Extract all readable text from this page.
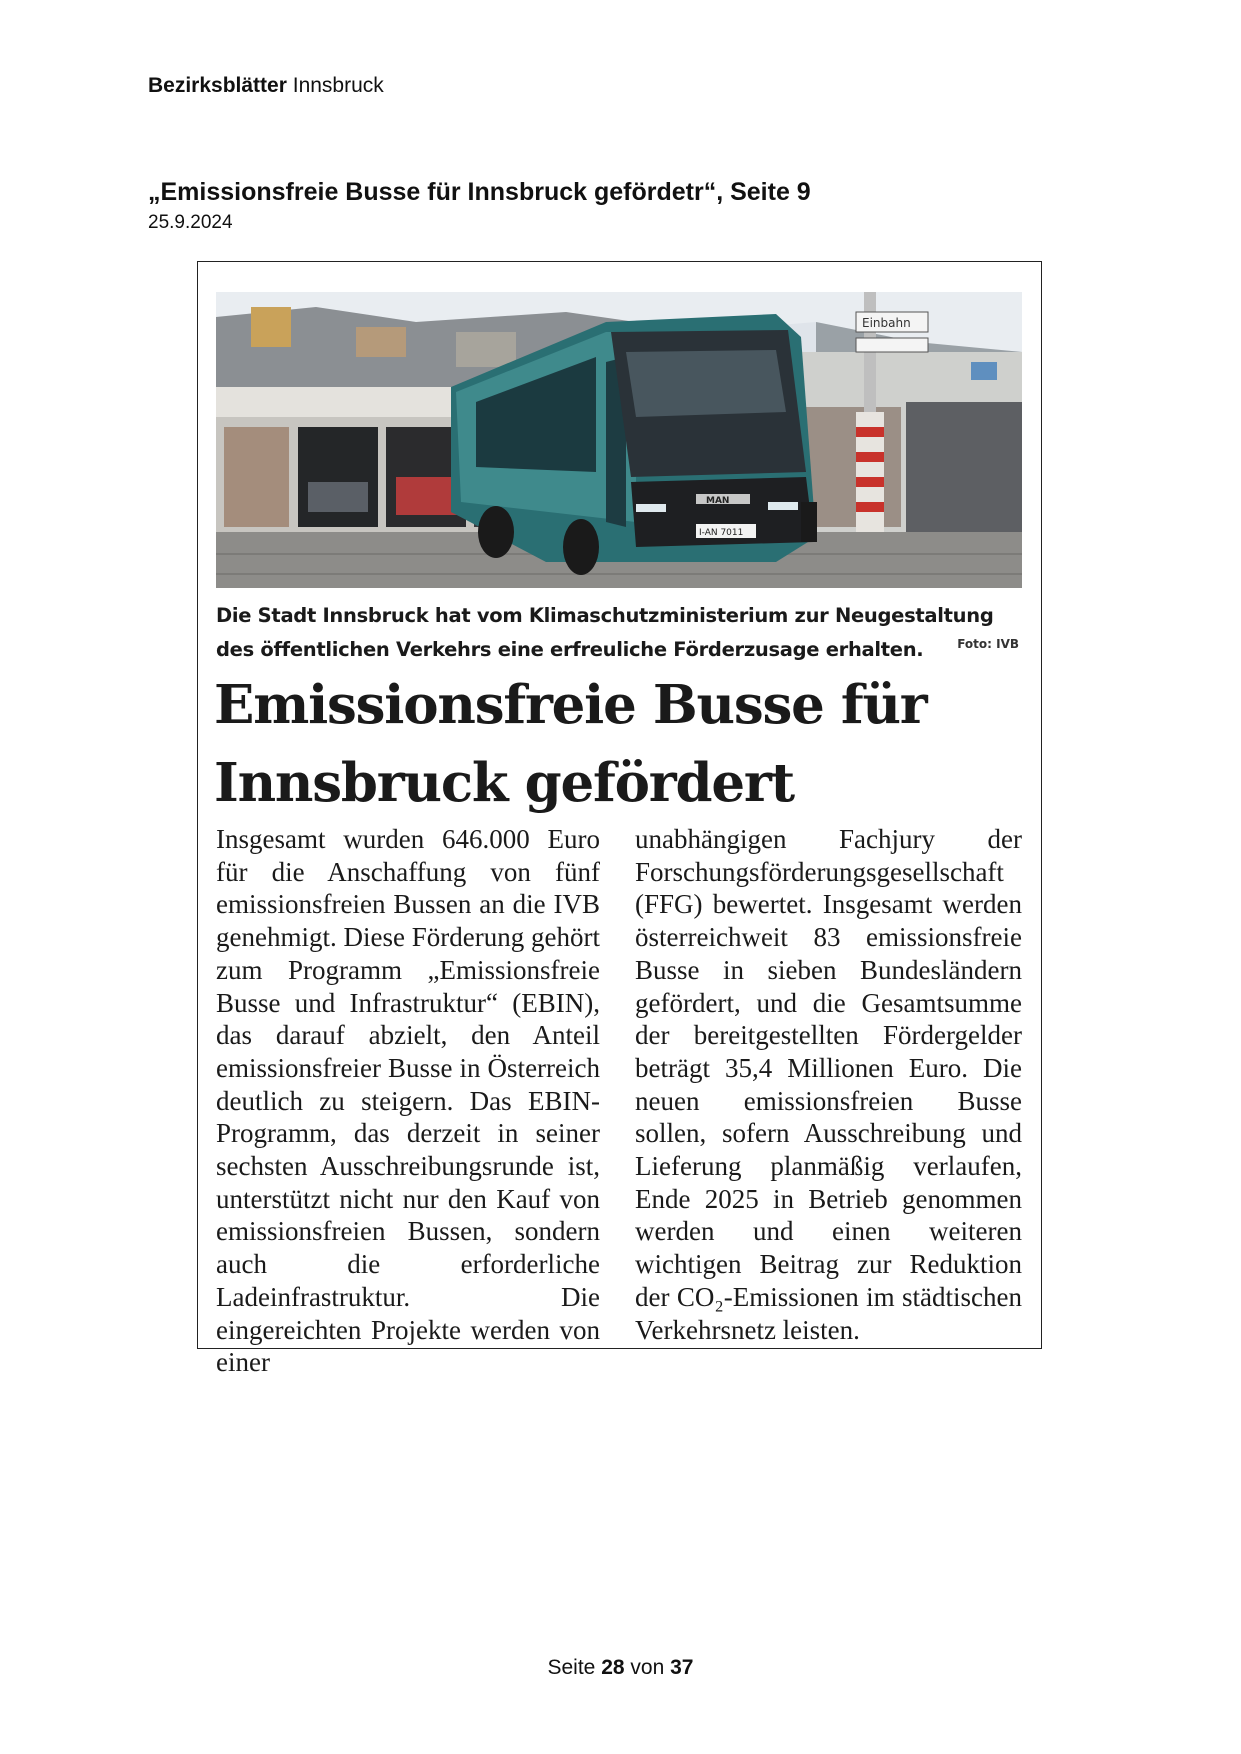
Bezirksblätter Innsbruck
„Emissionsfreie Busse für Innsbruck gefördetr“, Seite 9
25.9.2024
Einbahn
MAN
I-AN 7011
Die Stadt Innsbruck hat vom Klimaschutzministerium zur Neugestaltung des öffentlichen Verkehrs eine erfreuliche Förderzusage erhalten.	Foto: IVB
Emissionsfreie Busse für Innsbruck gefördert

Insgesamt wurden 646.000 Euro für die Anschaffung von fünf emissionsfreien Bussen an die IVB genehmigt. Diese Förderung gehört zum Programm „Emissionsfreie Busse und Infrastruktur“ (EBIN), das darauf abzielt, den Anteil emissionsfreier Busse in Österreich deutlich zu steigern. Das EBIN-Programm, das derzeit in seiner sechsten Ausschreibungsrunde ist, unterstützt nicht nur den Kauf von emissionsfreien Bussen, sondern auch die erforderliche Ladeinfrastruktur. Die eingereichten Projekte werden von einer

unabhängigen Fachjury der Forschungsförderungsgesellschaft (FFG) bewertet. Insgesamt werden österreichweit 83 emissionsfreie Busse in sieben Bundesländern gefördert, und die Gesamtsumme der bereitgestellten Fördergelder beträgt 35,4 Millionen Euro. Die neuen emissionsfreien Busse sollen, sofern Ausschreibung und Lieferung planmäßig verlaufen, Ende 2025 in Betrieb genommen werden und einen weiteren wichtigen Beitrag zur Reduktion der CO₂-Emissionen im städtischen Verkehrsnetz leisten.

Seite 28 von 37
